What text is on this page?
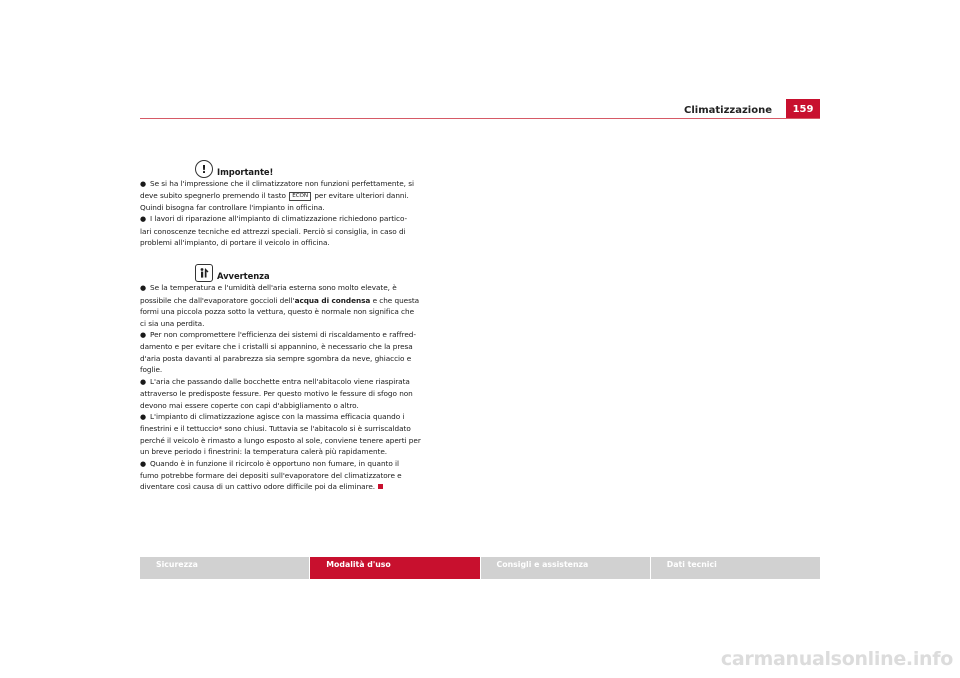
Climatizzazione	159
!	Importante!
● Se si ha l'impressione che il climatizzatore non funzioni perfettamente, si
deve subito spegnerlo premendo il tasto ECON per evitare ulteriori danni.
Quindi bisogna far controllare l'impianto in officina.
● I lavori di riparazione all'impianto di climatizzazione richiedono partico-
lari conoscenze tecniche ed attrezzi speciali. Perciò si consiglia, in caso di
problemi all'impianto, di portare il veicolo in officina.
Avvertenza
● Se la temperatura e l'umidità dell'aria esterna sono molto elevate, è
possibile che dall'evaporatore goccioli dell'acqua di condensa e che questa
formi una piccola pozza sotto la vettura, questo è normale non significa che
ci sia una perdita.
● Per non compromettere l'efficienza dei sistemi di riscaldamento e raffred-
damento e per evitare che i cristalli si appannino, è necessario che la presa
d'aria posta davanti al parabrezza sia sempre sgombra da neve, ghiaccio e
foglie.
● L'aria che passando dalle bocchette entra nell'abitacolo viene riaspirata
attraverso le predisposte fessure. Per questo motivo le fessure di sfogo non
devono mai essere coperte con capi d'abbigliamento o altro.
● L'impianto di climatizzazione agisce con la massima efficacia quando i
finestrini e il tettuccio* sono chiusi. Tuttavia se l'abitacolo si è surriscaldato
perché il veicolo è rimasto a lungo esposto al sole, conviene tenere aperti per
un breve periodo i finestrini: la temperatura calerà più rapidamente.
● Quando è in funzione il ricircolo è opportuno non fumare, in quanto il
fumo potrebbe formare dei depositi sull'evaporatore del climatizzatore e
diventare così causa di un cattivo odore difficile poi da eliminare.
Sicurezza	Modalità d'uso	Consigli e assistenza	Dati tecnici
carmanualsonline.info
